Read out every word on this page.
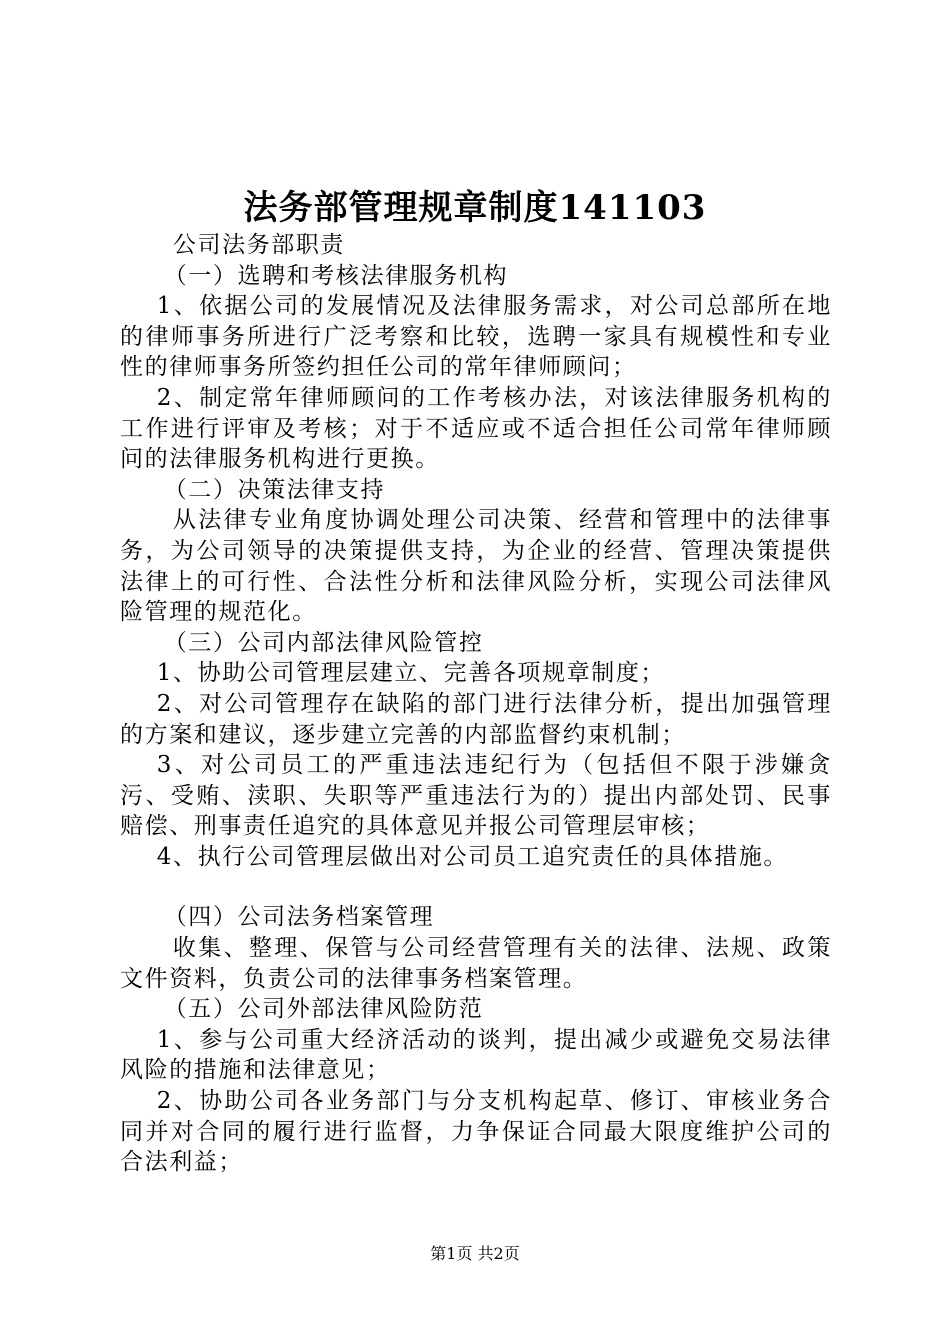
法务部管理规章制度141103

公司法务部职责

（一）选聘和考核法律服务机构

1、依据公司的发展情况及法律服务需求，对公司总部所在地的律师事务所进行广泛考察和比较，选聘一家具有规模性和专业性的律师事务所签约担任公司的常年律师顾问；

2、制定常年律师顾问的工作考核办法，对该法律服务机构的工作进行评审及考核；对于不适应或不适合担任公司常年律师顾问的法律服务机构进行更换。

（二）决策法律支持

从法律专业角度协调处理公司决策、经营和管理中的法律事务，为公司领导的决策提供支持，为企业的经营、管理决策提供法律上的可行性、合法性分析和法律风险分析，实现公司法律风险管理的规范化。

（三）公司内部法律风险管控

1、协助公司管理层建立、完善各项规章制度；

2、对公司管理存在缺陷的部门进行法律分析，提出加强管理的方案和建议，逐步建立完善的内部监督约束机制；

3、对公司员工的严重违法违纪行为（包括但不限于涉嫌贪污、受贿、渎职、失职等严重违法行为的）提出内部处罚、民事赔偿、刑事责任追究的具体意见并报公司管理层审核；

4、执行公司管理层做出对公司员工追究责任的具体措施。

（四）公司法务档案管理

收集、整理、保管与公司经营管理有关的法律、法规、政策文件资料，负责公司的法律事务档案管理。

（五）公司外部法律风险防范

1、参与公司重大经济活动的谈判，提出减少或避免交易法律风险的措施和法律意见；

2、协助公司各业务部门与分支机构起草、修订、审核业务合同并对合同的履行进行监督，力争保证合同最大限度维护公司的合法利益；

第1页 共2页
